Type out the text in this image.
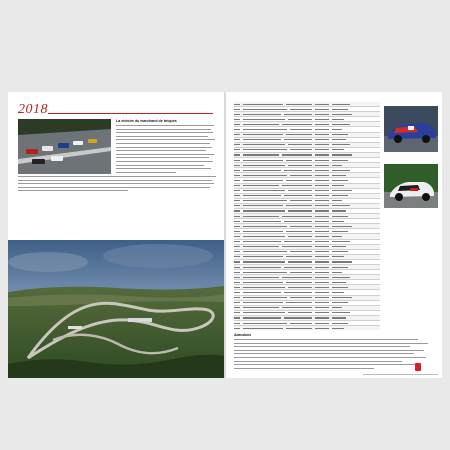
2018
La victoire du marchand de briques
Abandons
